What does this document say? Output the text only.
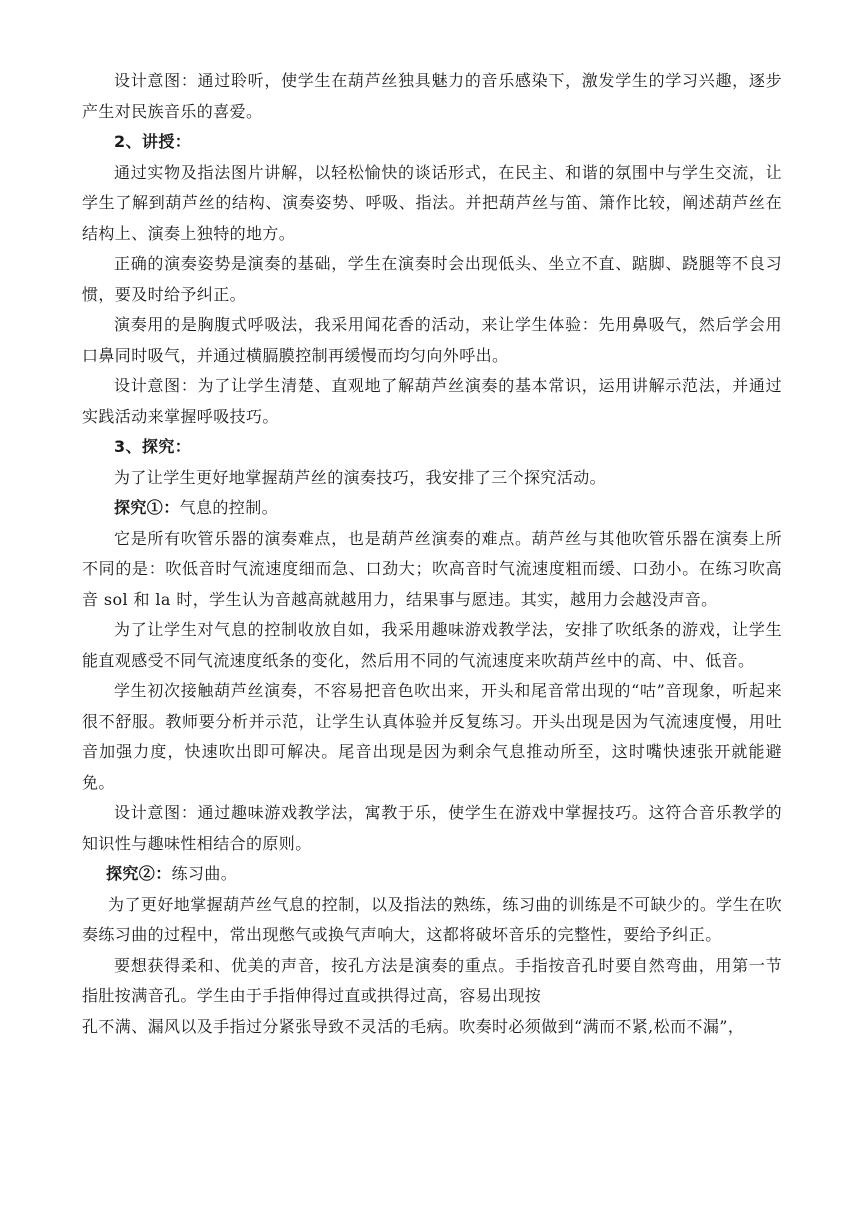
设计意图：通过聆听，使学生在葫芦丝独具魅力的音乐感染下，激发学生的学习兴趣，逐步产生对民族音乐的喜爱。

2、讲授：

通过实物及指法图片讲解，以轻松愉快的谈话形式，在民主、和谐的氛围中与学生交流，让学生了解到葫芦丝的结构、演奏姿势、呼吸、指法。并把葫芦丝与笛、箫作比较，阐述葫芦丝在结构上、演奏上独特的地方。

正确的演奏姿势是演奏的基础，学生在演奏时会出现低头、坐立不直、踮脚、跷腿等不良习惯，要及时给予纠正。

演奏用的是胸腹式呼吸法，我采用闻花香的活动，来让学生体验：先用鼻吸气，然后学会用口鼻同时吸气，并通过横膈膜控制再缓慢而均匀向外呼出。

设计意图：为了让学生清楚、直观地了解葫芦丝演奏的基本常识，运用讲解示范法，并通过实践活动来掌握呼吸技巧。

3、探究：

为了让学生更好地掌握葫芦丝的演奏技巧，我安排了三个探究活动。

探究①：气息的控制。

它是所有吹管乐器的演奏难点，也是葫芦丝演奏的难点。葫芦丝与其他吹管乐器在演奏上所不同的是：吹低音时气流速度细而急、口劲大；吹高音时气流速度粗而缓、口劲小。在练习吹高音 sol 和 la 时，学生认为音越高就越用力，结果事与愿违。其实，越用力会越没声音。

为了让学生对气息的控制收放自如，我采用趣味游戏教学法，安排了吹纸条的游戏，让学生能直观感受不同气流速度纸条的变化，然后用不同的气流速度来吹葫芦丝中的高、中、低音。

学生初次接触葫芦丝演奏，不容易把音色吹出来，开头和尾音常出现的“咕”音现象，听起来很不舒服。教师要分析并示范，让学生认真体验并反复练习。开头出现是因为气流速度慢，用吐音加强力度，快速吹出即可解决。尾音出现是因为剩余气息推动所至，这时嘴快速张开就能避免。

设计意图：通过趣味游戏教学法，寓教于乐，使学生在游戏中掌握技巧。这符合音乐教学的知识性与趣味性相结合的原则。

探究②：练习曲。

为了更好地掌握葫芦丝气息的控制，以及指法的熟练，练习曲的训练是不可缺少的。学生在吹奏练习曲的过程中，常出现憋气或换气声响大，这都将破坏音乐的完整性，要给予纠正。

要想获得柔和、优美的声音，按孔方法是演奏的重点。手指按音孔时要自然弯曲，用第一节指肚按满音孔。学生由于手指伸得过直或拱得过高，容易出现按

孔不满、漏风以及手指过分紧张导致不灵活的毛病。吹奏时必须做到“满而不紧,松而不漏”，
